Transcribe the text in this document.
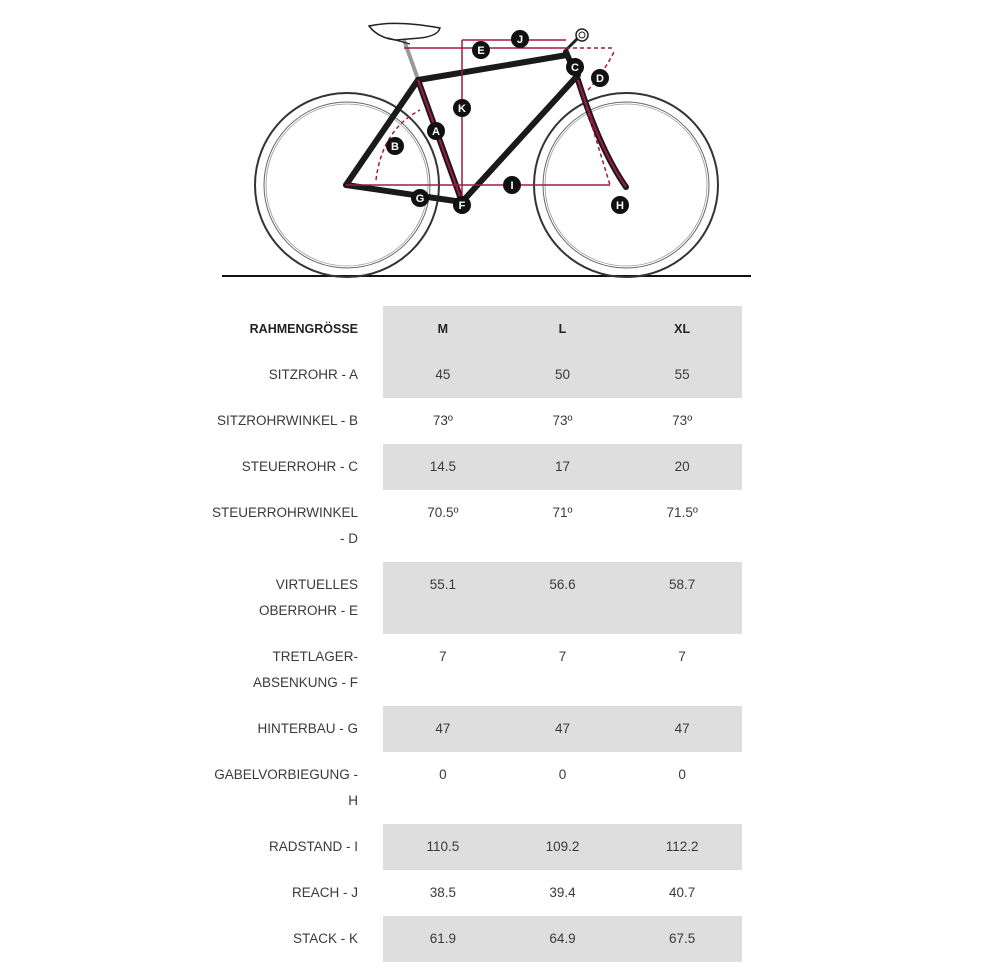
A
B
C
D
E
F
G
H
I
J
K
RAHMENGRÖSSE	M	L	XL
SITZROHR - A	45	50	55
SITZROHRWINKEL - B	73º	73º	73º
STEUERROHR - C	14.5	17	20
STEUERROHRWINKEL - D	70.5º	71º	71.5º
VIRTUELLES OBERROHR - E	55.1	56.6	58.7
TRETLAGER-ABSENKUNG - F	7	7	7
HINTERBAU - G	47	47	47
GABELVORBIEGUNG - H	0	0	0
RADSTAND - I	110.5	109.2	112.2
REACH - J	38.5	39.4	40.7
STACK - K	61.9	64.9	67.5
